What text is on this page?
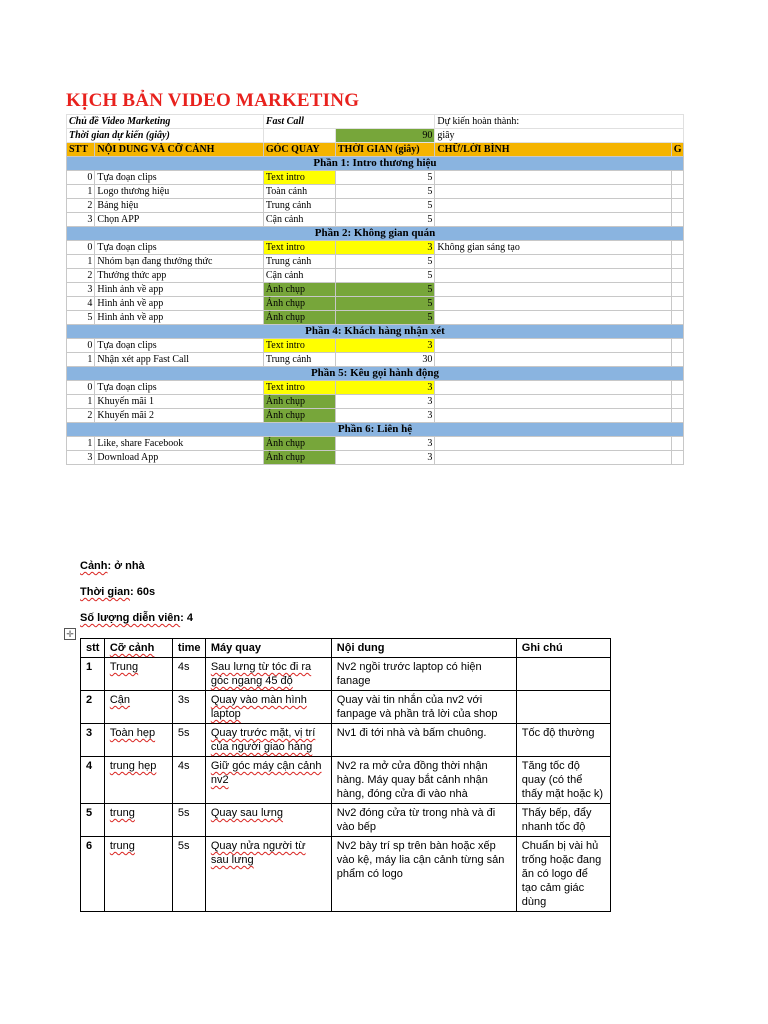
KỊCH BẢN VIDEO MARKETING
Chủ đề Video Marketing		Fast Call		Dự kiến hoàn thành:	
Thời gian dự kiến (giây)			90	giây	
STT	NỘI DUNG VÀ CỠ CẢNH	GÓC QUAY	THỜI GIAN (giây)	CHỮ/LỜI BÌNH	G
Phần 1: Intro thương hiệu					
0	Tựa đoạn clips	Text intro	5		
1	Logo thương hiệu	Toàn cảnh	5		
2	Bảng hiệu	Trung cảnh	5		
3	Chọn APP	Cận cảnh	5		
Phần 2: Không gian quán					
0	Tựa đoạn clips	Text intro	3	Không gian sáng tạo	
1	Nhóm bạn đang thưởng thức	Trung cảnh	5		
2	Thưởng thức app	Cận cảnh	5		
3	Hình ảnh về app	Ảnh chụp	5		
4	Hình ảnh về app	Ảnh chụp	5		
5	Hình ảnh về app	Ảnh chụp	5		
Phần 4: Khách hàng nhận xét					
0	Tựa đoạn clips	Text intro	3		
1	Nhận xét app Fast Call	Trung cảnh	30		
Phần 5: Kêu gọi hành động					
0	Tựa đoạn clips	Text intro	3		
1	Khuyến mãi 1	Ảnh chụp	3		
2	Khuyến mãi 2	Ảnh chụp	3		
Phần 6: Liên hệ					
1	Like, share Facebook	Ảnh chụp	3		
3	Download App	Ảnh chụp	3		
Cảnh: ở nhà
Thời gian: 60s
Số lượng diễn viên: 4
✛
stt	Cỡ cảnh	time	Máy quay	Nội dung	Ghi chú
1	Trung	4s	Sau lưng từ tóc đi ra góc ngang 45 độ	Nv2 ngồi trước laptop có hiện fanage	
2	Cận	3s	Quay vào màn hình laptop	Quay vài tin nhắn của nv2 với fanpage và phần trả lời của shop	
3	Toàn hẹp	5s	Quay trước mặt, vị trí của người giao hàng	Nv1 đi tới nhà và bấm chuông.	Tốc độ thường
4	trung hẹp	4s	Giữ góc máy cận cảnh nv2	Nv2 ra mở cửa đồng thời nhận hàng. Máy quay bắt cảnh nhận hàng, đóng cửa đi vào nhà	Tăng tốc độ quay (có thể thấy mặt hoặc k)
5	trung	5s	Quay sau lưng	Nv2 đóng cửa từ trong nhà và đi vào bếp	Thấy bếp, đẩy nhanh tốc độ
6	trung	5s	Quay nửa người từ sau lưng	Nv2 bày trí sp trên bàn hoặc xếp vào kệ, máy lia cận cảnh từng sản phẩm có logo	Chuẩn bị vài hủ trống hoặc đang ăn có logo để tạo cảm giác dùng
